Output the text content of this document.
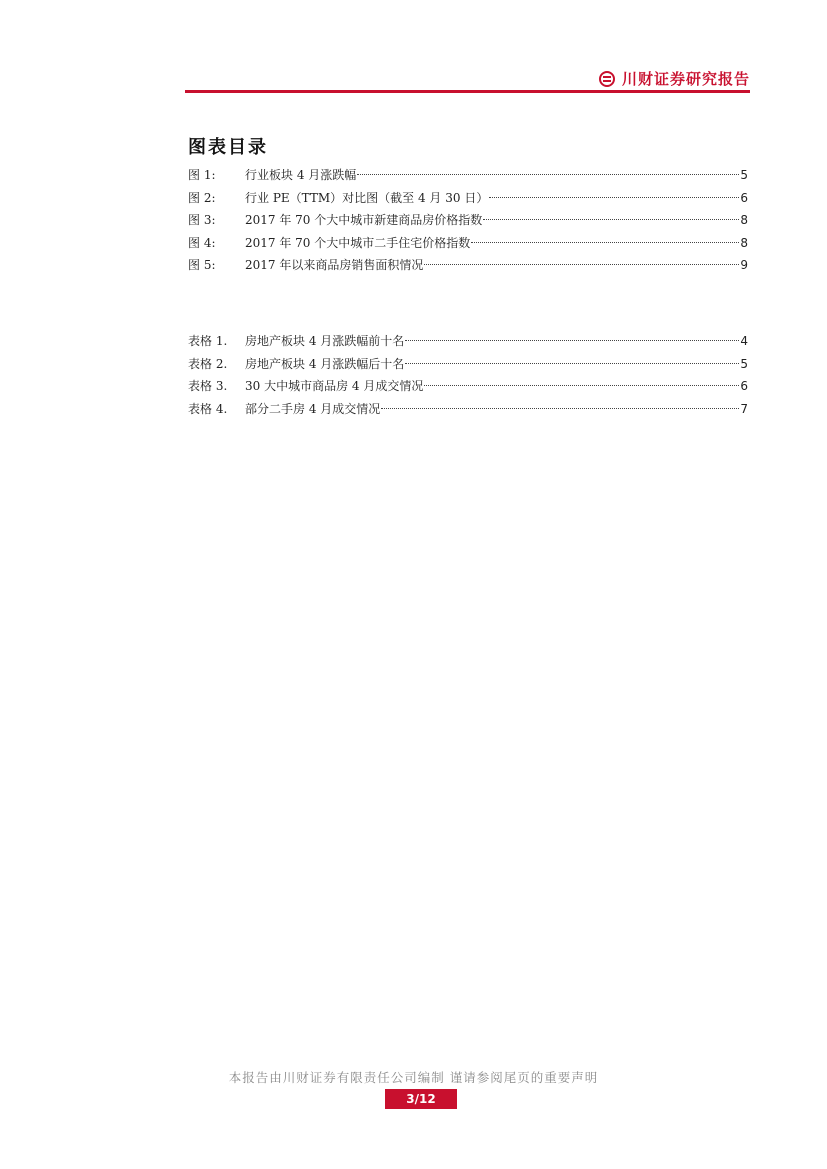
川财证券研究报告
图表目录
图 1:	行业板块 4 月涨跌幅	5
图 2:	行业 PE（TTM）对比图（截至 4 月 30 日）	6
图 3:	2017 年 70 个大中城市新建商品房价格指数	8
图 4:	2017 年 70 个大中城市二手住宅价格指数	8
图 5:	2017 年以来商品房销售面积情况	9
表格 1.	房地产板块 4 月涨跌幅前十名	4
表格 2.	房地产板块 4 月涨跌幅后十名	5
表格 3.	30 大中城市商品房 4 月成交情况	6
表格 4.	部分二手房 4 月成交情况	7
本报告由川财证券有限责任公司编制 谨请参阅尾页的重要声明
3/12
